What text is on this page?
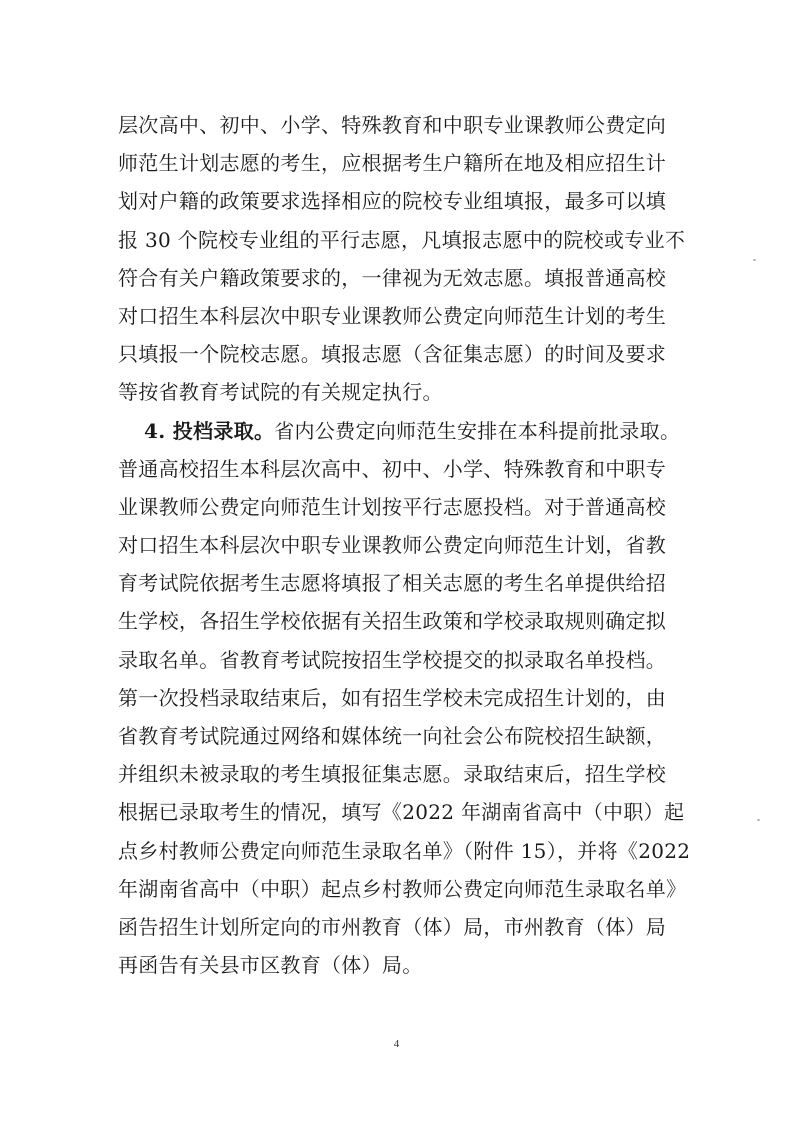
层次高中、初中、小学、特殊教育和中职专业课教师公费定向
师范生计划志愿的考生，应根据考生户籍所在地及相应招生计
划对户籍的政策要求选择相应的院校专业组填报，最多可以填
报 30 个院校专业组的平行志愿，凡填报志愿中的院校或专业不
符合有关户籍政策要求的，一律视为无效志愿。填报普通高校
对口招生本科层次中职专业课教师公费定向师范生计划的考生
只填报一个院校志愿。填报志愿（含征集志愿）的时间及要求
等按省教育考试院的有关规定执行。
4. 投档录取。省内公费定向师范生安排在本科提前批录取。
普通高校招生本科层次高中、初中、小学、特殊教育和中职专
业课教师公费定向师范生计划按平行志愿投档。对于普通高校
对口招生本科层次中职专业课教师公费定向师范生计划，省教
育考试院依据考生志愿将填报了相关志愿的考生名单提供给招
生学校，各招生学校依据有关招生政策和学校录取规则确定拟
录取名单。省教育考试院按招生学校提交的拟录取名单投档。
第一次投档录取结束后，如有招生学校未完成招生计划的，由
省教育考试院通过网络和媒体统一向社会公布院校招生缺额，
并组织未被录取的考生填报征集志愿。录取结束后，招生学校
根据已录取考生的情况，填写《2022 年湖南省高中（中职）起
点乡村教师公费定向师范生录取名单》（附件 15），并将《2022
年湖南省高中（中职）起点乡村教师公费定向师范生录取名单》
函告招生计划所定向的市州教育（体）局，市州教育（体）局
再函告有关县市区教育（体）局。
4
